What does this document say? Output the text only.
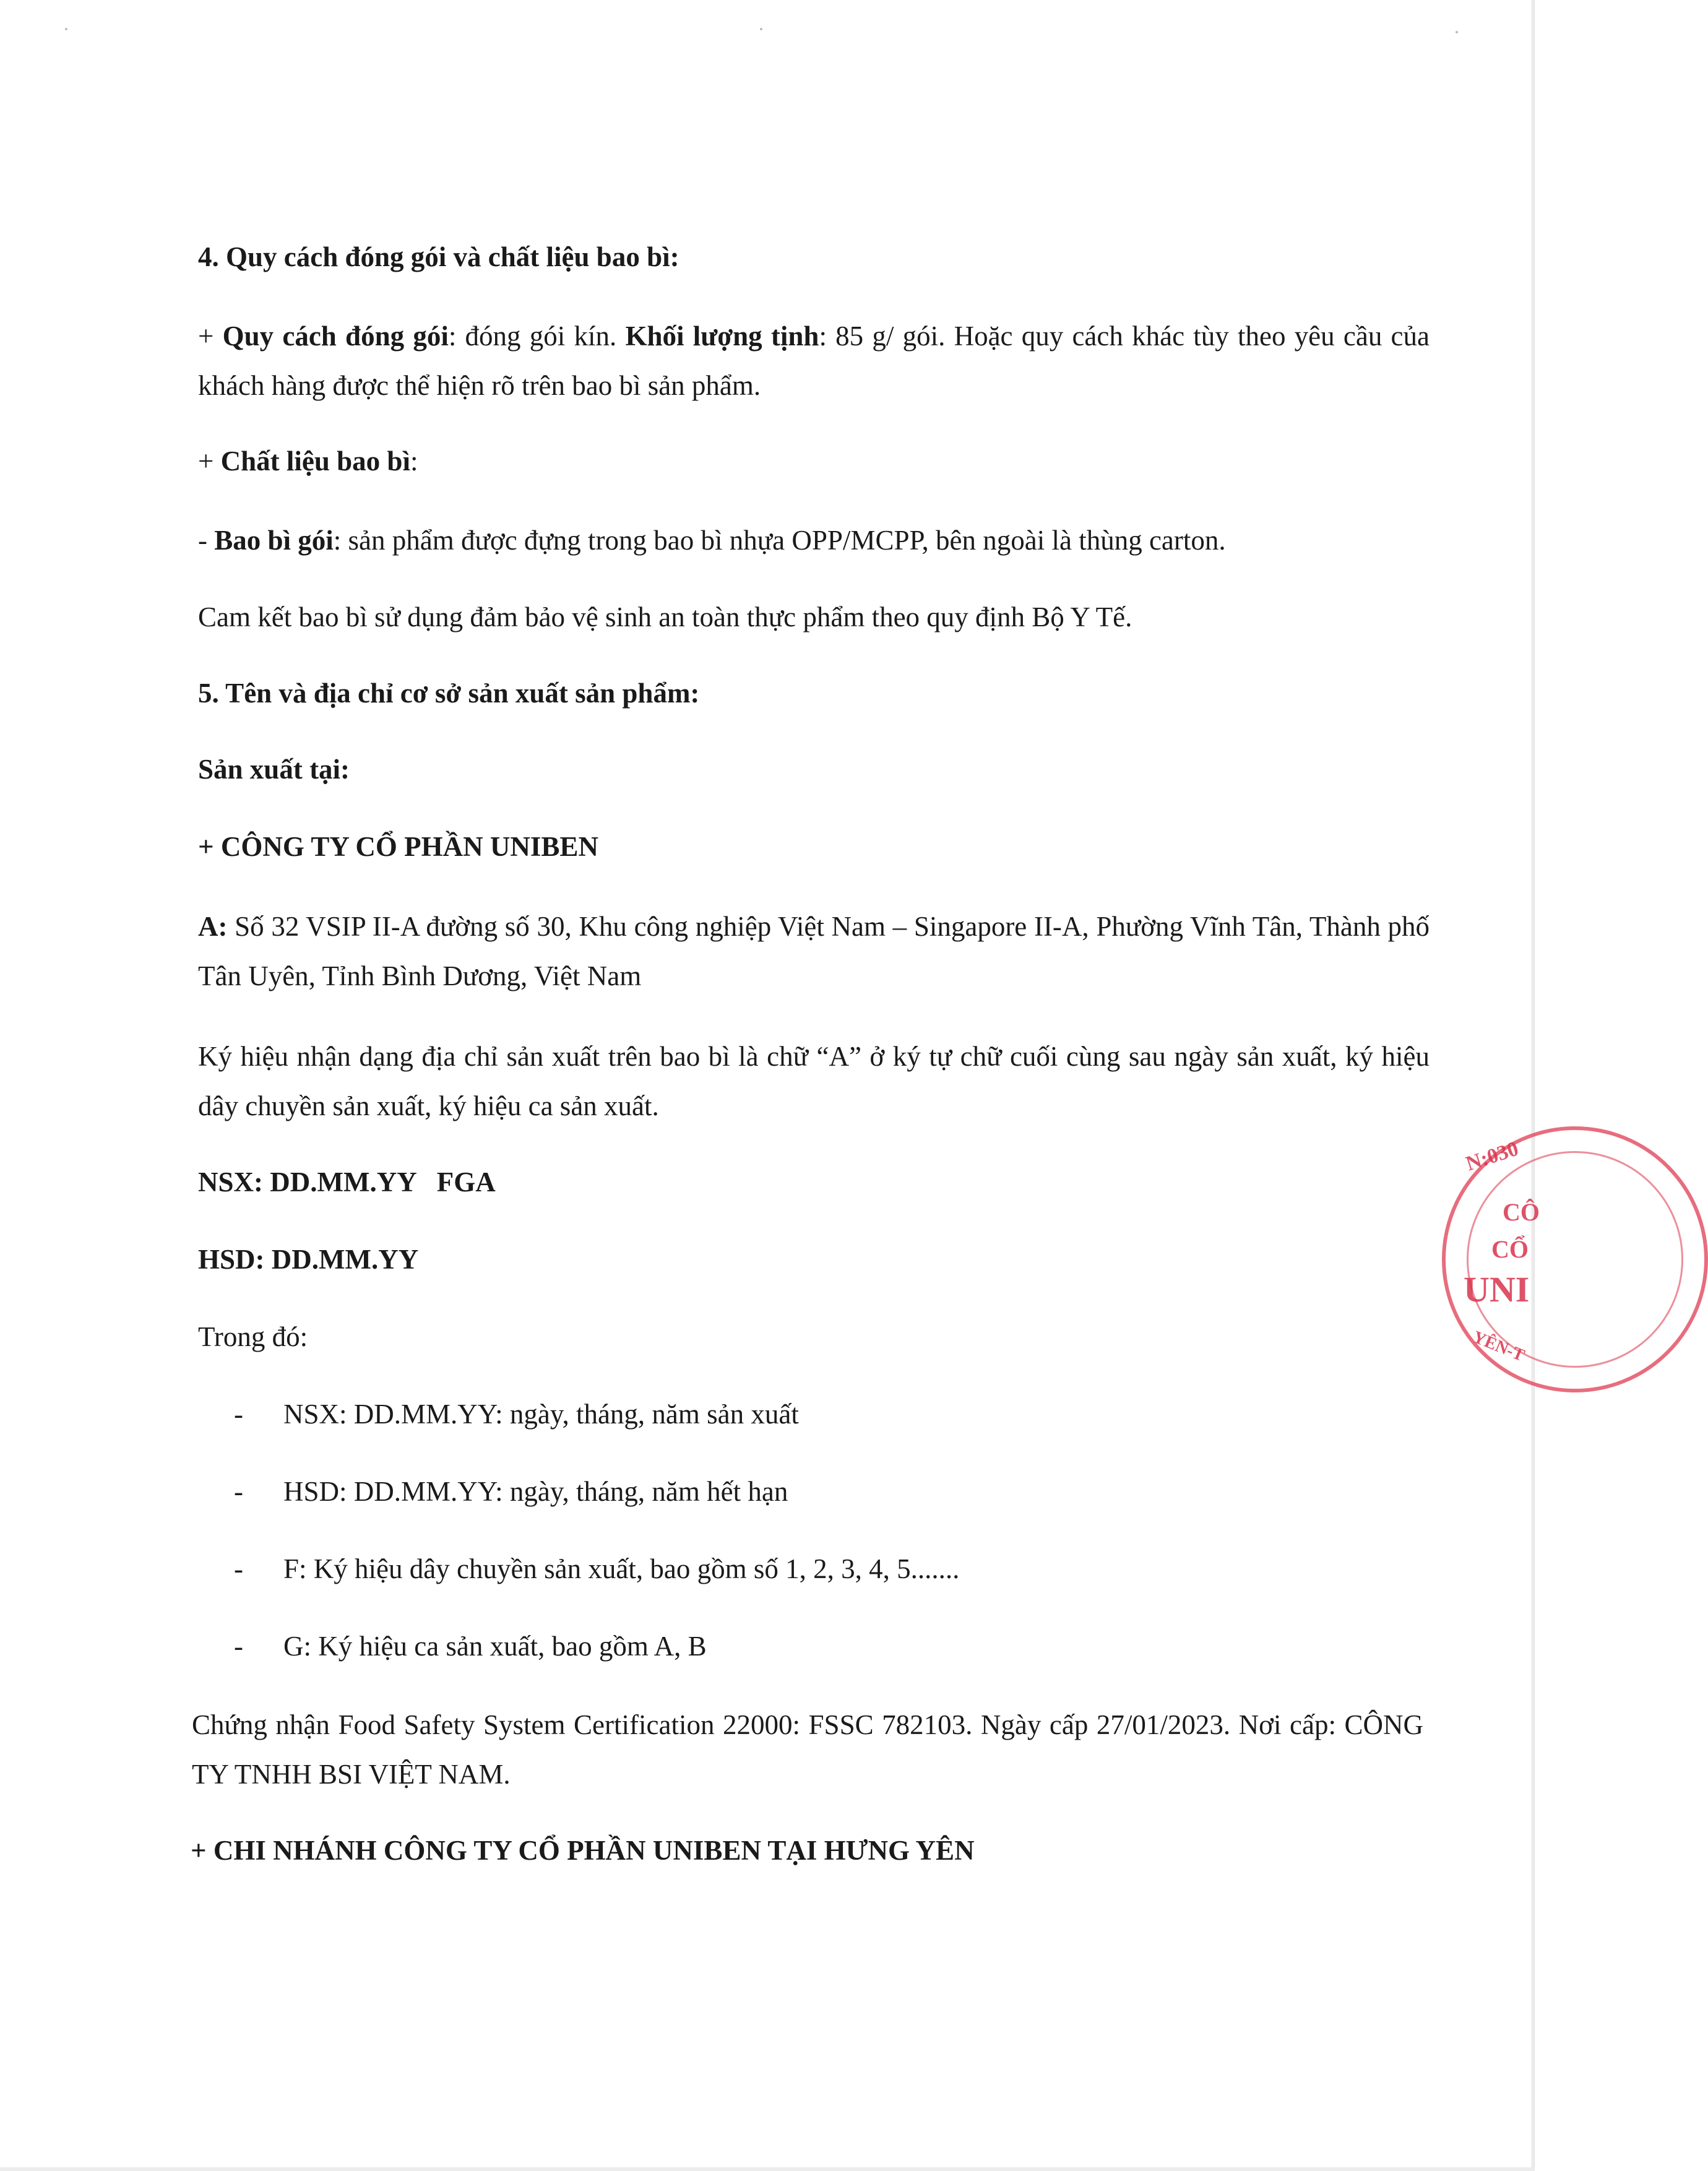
4. Quy cách đóng gói và chất liệu bao bì:
+ Quy cách đóng gói: đóng gói kín. Khối lượng tịnh: 85 g/ gói. Hoặc quy cách khác tùy theo yêu cầu của khách hàng được thể hiện rõ trên bao bì sản phẩm.
+ Chất liệu bao bì:
- Bao bì gói: sản phẩm được đựng trong bao bì nhựa OPP/MCPP, bên ngoài là thùng carton.
Cam kết bao bì sử dụng đảm bảo vệ sinh an toàn thực phẩm theo quy định Bộ Y Tế.
5. Tên và địa chỉ cơ sở sản xuất sản phẩm:
Sản xuất tại:
+ CÔNG TY CỔ PHẦN UNIBEN
A: Số 32 VSIP II-A đường số 30, Khu công nghiệp Việt Nam – Singapore II-A, Phường Vĩnh Tân, Thành phố Tân Uyên, Tỉnh Bình Dương, Việt Nam
Ký hiệu nhận dạng địa chỉ sản xuất trên bao bì là chữ “A” ở ký tự chữ cuối cùng sau ngày sản xuất, ký hiệu dây chuyền sản xuất, ký hiệu ca sản xuất.
NSX: DD.MM.YY   FGA
HSD: DD.MM.YY
Trong đó:
- NSX: DD.MM.YY: ngày, tháng, năm sản xuất
- HSD: DD.MM.YY: ngày, tháng, năm hết hạn
- F: Ký hiệu dây chuyền sản xuất, bao gồm số 1, 2, 3, 4, 5.......
- G: Ký hiệu ca sản xuất, bao gồm A, B
Chứng nhận Food Safety System Certification 22000: FSSC 782103. Ngày cấp 27/01/2023. Nơi cấp: CÔNG TY TNHH BSI VIỆT NAM.
+ CHI NHÁNH CÔNG TY CỔ PHẦN UNIBEN TẠI HƯNG YÊN
N:030
CÔ
CỔ
UNI
YÊN-T
